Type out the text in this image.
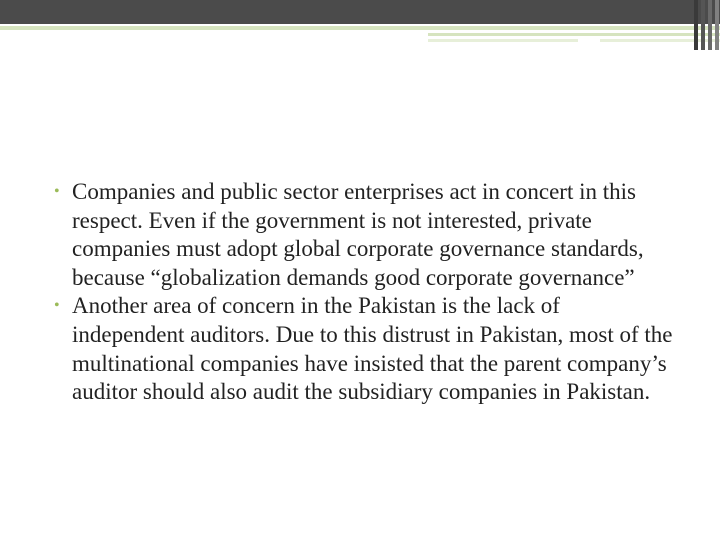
• Companies and public sector enterprises act in concert in this respect. Even if the government is not interested, private companies must adopt global corporate governance standards, because “globalization demands good corporate governance”
• Another area of concern in the Pakistan is the lack of independent auditors. Due to this distrust in Pakistan, most of the multinational companies have insisted that the parent company’s auditor should also audit the subsidiary companies in Pakistan.
